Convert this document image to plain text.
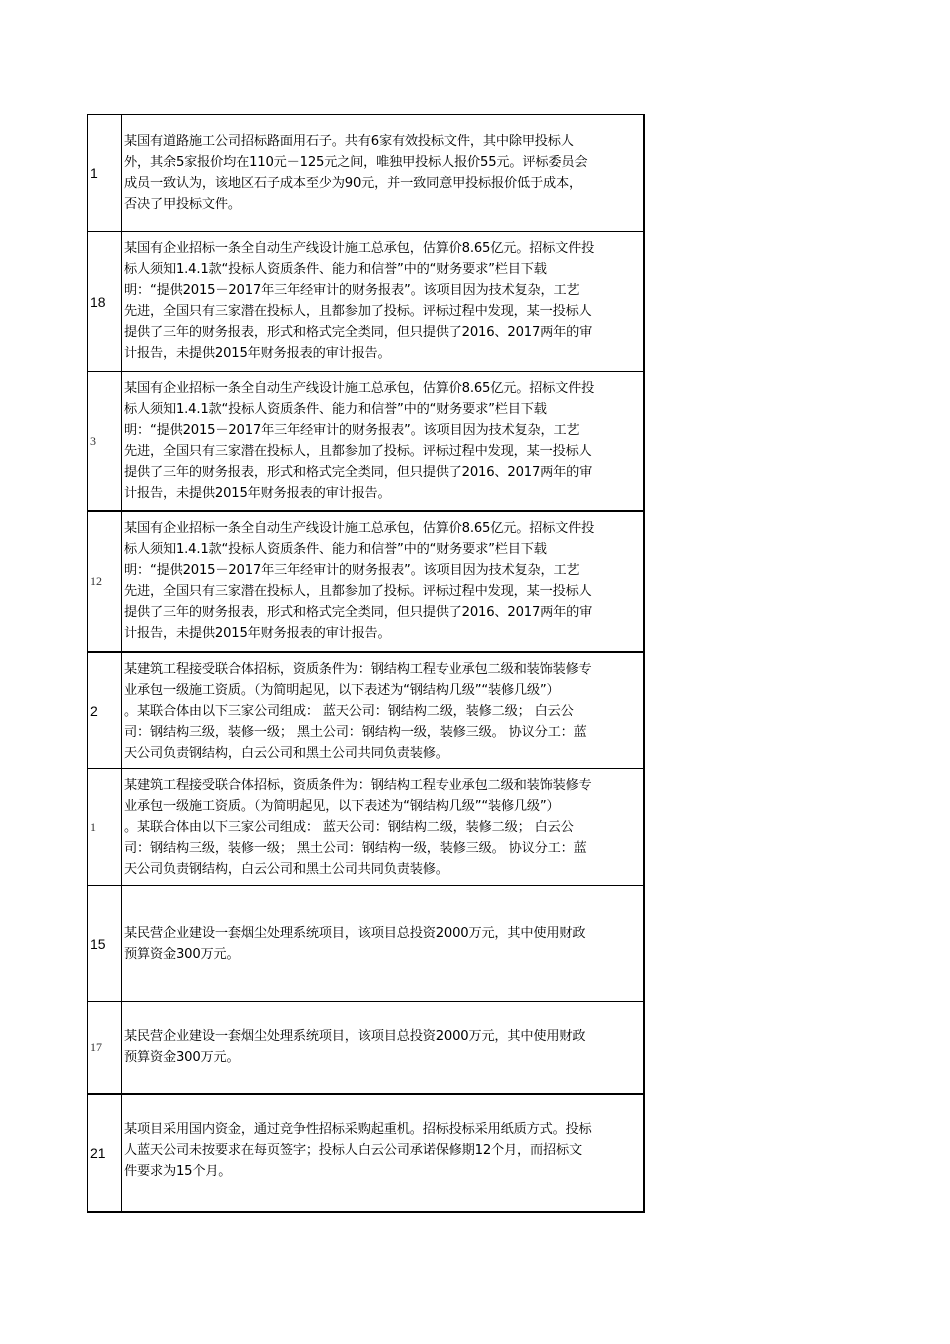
1
某国有道路施工公司招标路面用石子。共有6家有效投标文件，其中除甲投标人
外，其余5家报价均在110元－125元之间，唯独甲投标人报价55元。评标委员会
成员一致认为，该地区石子成本至少为90元，并一致同意甲投标报价低于成本，
否决了甲投标文件。
18
某国有企业招标一条全自动生产线设计施工总承包，估算价8.65亿元。招标文件投
标人须知1.4.1款“投标人资质条件、能力和信誉”中的“财务要求”栏目下载
明：“提供2015－2017年三年经审计的财务报表”。该项目因为技术复杂，工艺
先进，全国只有三家潜在投标人，且都参加了投标。评标过程中发现，某一投标人
提供了三年的财务报表，形式和格式完全类同，但只提供了2016、2017两年的审
计报告，未提供2015年财务报表的审计报告。
3
某国有企业招标一条全自动生产线设计施工总承包，估算价8.65亿元。招标文件投
标人须知1.4.1款“投标人资质条件、能力和信誉”中的“财务要求”栏目下载
明：“提供2015－2017年三年经审计的财务报表”。该项目因为技术复杂，工艺
先进，全国只有三家潜在投标人，且都参加了投标。评标过程中发现，某一投标人
提供了三年的财务报表，形式和格式完全类同，但只提供了2016、2017两年的审
计报告，未提供2015年财务报表的审计报告。
12
某国有企业招标一条全自动生产线设计施工总承包，估算价8.65亿元。招标文件投
标人须知1.4.1款“投标人资质条件、能力和信誉”中的“财务要求”栏目下载
明：“提供2015－2017年三年经审计的财务报表”。该项目因为技术复杂，工艺
先进，全国只有三家潜在投标人，且都参加了投标。评标过程中发现，某一投标人
提供了三年的财务报表，形式和格式完全类同，但只提供了2016、2017两年的审
计报告，未提供2015年财务报表的审计报告。
2
某建筑工程接受联合体招标，资质条件为：钢结构工程专业承包二级和装饰装修专
业承包一级施工资质。（为简明起见，以下表述为“钢结构几级”“装修几级”）
。某联合体由以下三家公司组成： 蓝天公司：钢结构二级，装修二级； 白云公
司：钢结构三级，装修一级； 黑土公司：钢结构一级，装修三级。 协议分工：蓝
天公司负责钢结构，白云公司和黑土公司共同负责装修。
1
某建筑工程接受联合体招标，资质条件为：钢结构工程专业承包二级和装饰装修专
业承包一级施工资质。（为简明起见，以下表述为“钢结构几级”“装修几级”）
。某联合体由以下三家公司组成： 蓝天公司：钢结构二级，装修二级； 白云公
司：钢结构三级，装修一级； 黑土公司：钢结构一级，装修三级。 协议分工：蓝
天公司负责钢结构，白云公司和黑土公司共同负责装修。
15
某民营企业建设一套烟尘处理系统项目，该项目总投资2000万元，其中使用财政
预算资金300万元。
17
某民营企业建设一套烟尘处理系统项目，该项目总投资2000万元，其中使用财政
预算资金300万元。
21
某项目采用国内资金，通过竞争性招标采购起重机。招标投标采用纸质方式。投标
人蓝天公司未按要求在每页签字；投标人白云公司承诺保修期12个月，而招标文
件要求为15个月。
